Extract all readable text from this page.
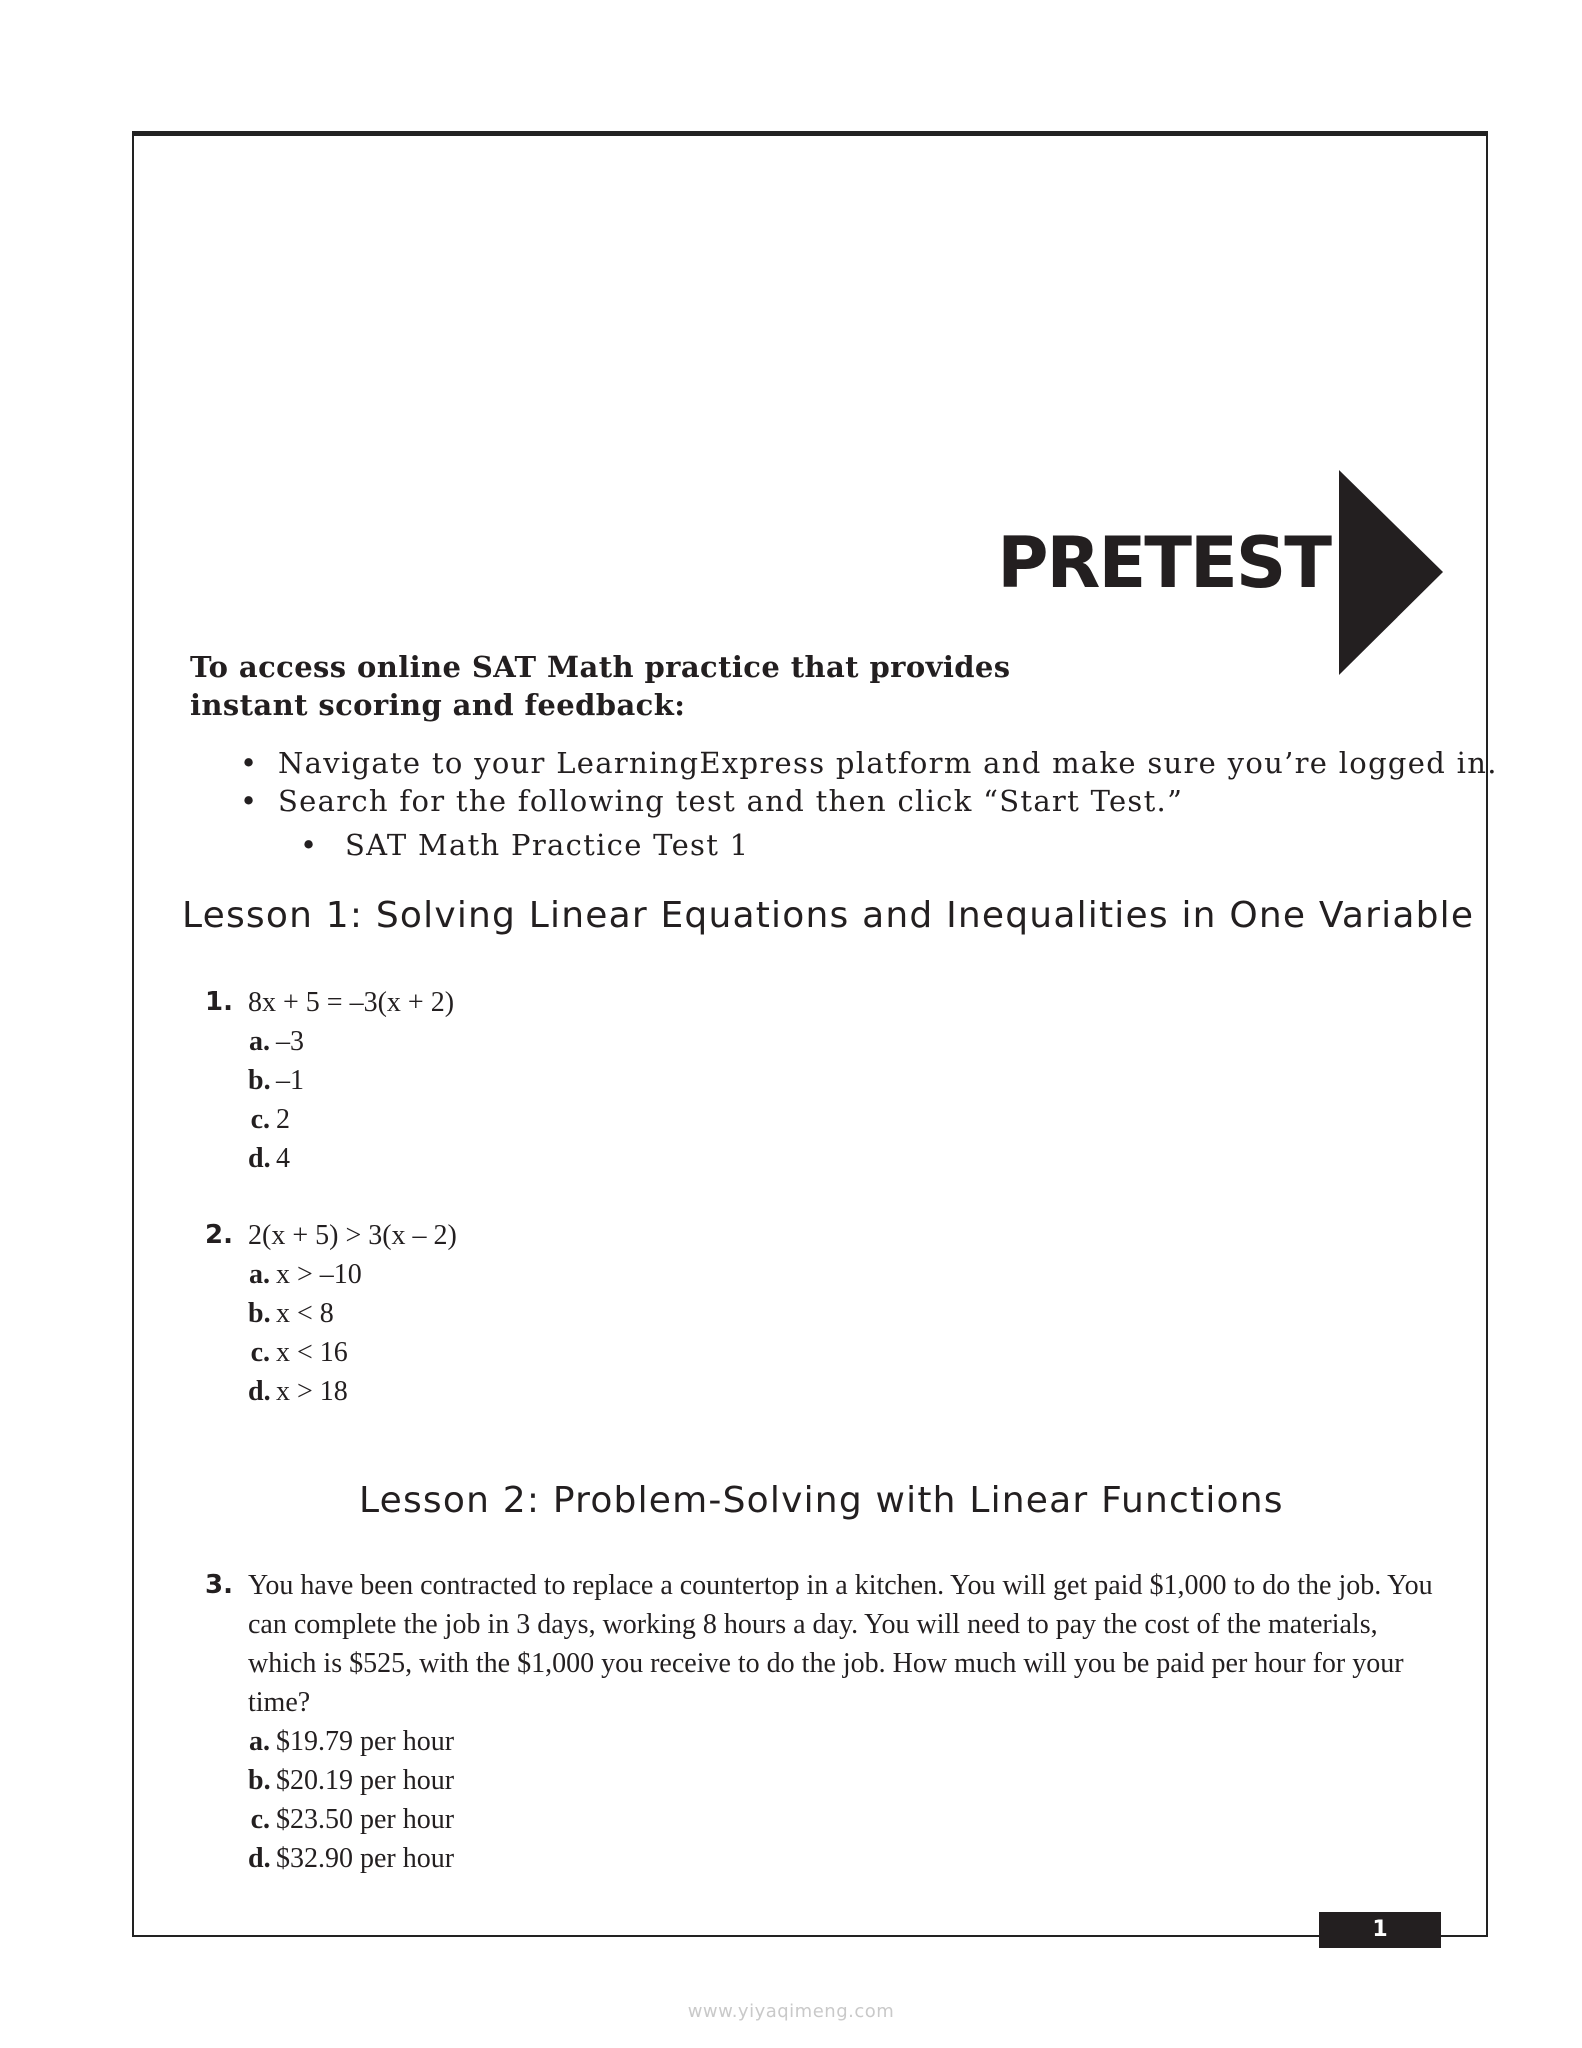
PRETEST
To access online SAT Math practice that provides
instant scoring and feedback:
• Navigate to your LearningExpress platform and make sure you’re logged in.
• Search for the following test and then click “Start Test.”
• SAT Math Practice Test 1
Lesson 1: Solving Linear Equations and Inequalities in One Variable
1. 8x + 5 = –3(x + 2)
a. –3
b. –1
c. 2
d. 4
2. 2(x + 5) > 3(x – 2)
a. x > –10
b. x < 8
c. x < 16
d. x > 18
Lesson 2: Problem-Solving with Linear Functions
3. You have been contracted to replace a countertop in a kitchen. You will get paid $1,000 to do the job. You can complete the job in 3 days, working 8 hours a day. You will need to pay the cost of the materials, which is $525, with the $1,000 you receive to do the job. How much will you be paid per hour for your time?
a. $19.79 per hour
b. $20.19 per hour
c. $23.50 per hour
d. $32.90 per hour
1
www.yiyaqimeng.com
